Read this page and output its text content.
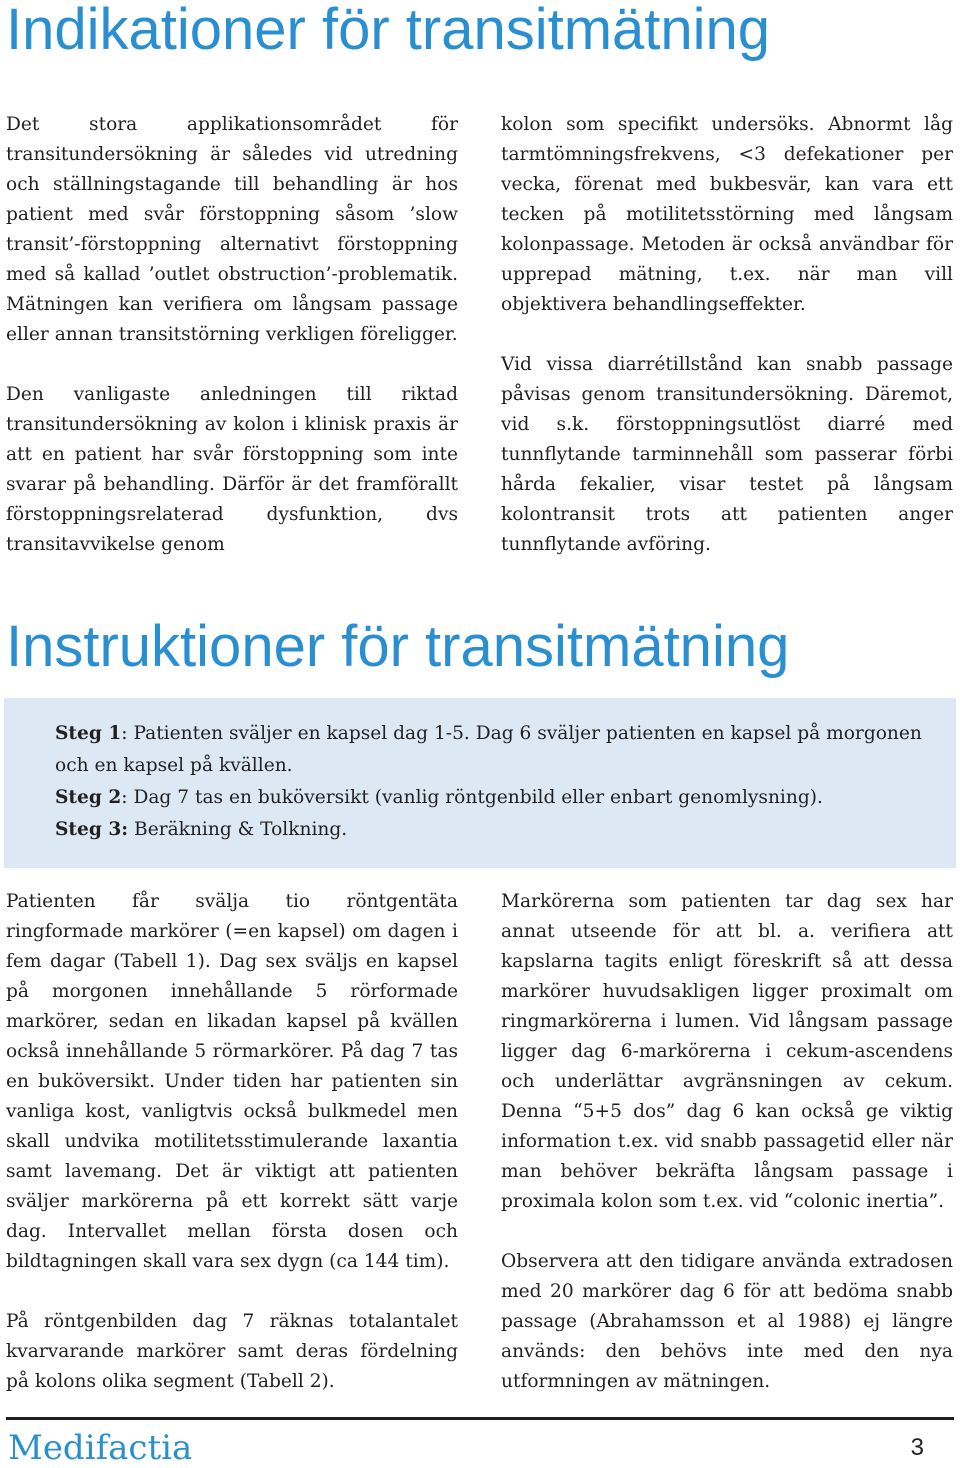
Indikationer för transitmätning

Det stora applikationsområdet för transitundersökning är således vid utredning och ställningstagande till behandling är hos patient med svår förstoppning såsom ’slow transit’-förstoppning alternativt förstoppning med så kallad ’outlet obstruction’-problematik. Mätningen kan verifiera om långsam passage eller annan transitstörning verkligen föreligger.

Den vanligaste anledningen till riktad transitundersökning av kolon i klinisk praxis är att en patient har svår förstoppning som inte svarar på behandling. Därför är det framförallt förstoppningsrelaterad dysfunktion, dvs transitavvikelse genom

kolon som specifikt undersöks. Abnormt låg tarmtömningsfrekvens, <3 defekationer per vecka, förenat med bukbesvär, kan vara ett tecken på motilitetsstörning med långsam kolonpassage. Metoden är också användbar för upprepad mätning, t.ex. när man vill objektivera behandlingseffekter.

Vid vissa diarrétillstånd kan snabb passage påvisas genom transitundersökning. Däremot, vid s.k. förstoppningsutlöst diarré med tunnflytande tarminnehåll som passerar förbi hårda fekalier, visar testet på långsam kolontransit trots att patienten anger tunnflytande avföring.

Instruktioner för transitmätning

Steg 1: Patienten sväljer en kapsel dag 1-5. Dag 6 sväljer patienten en kapsel på morgonen och en kapsel på kvällen.

Steg 2: Dag 7 tas en buköversikt (vanlig röntgenbild eller enbart genomlysning).

Steg 3: Beräkning & Tolkning.

Patienten får svälja tio röntgentäta ringformade markörer (=en kapsel) om dagen i fem dagar (Tabell 1). Dag sex sväljs en kapsel på morgonen innehållande 5 rörformade markörer, sedan en likadan kapsel på kvällen också innehållande 5 rörmarkörer. På dag 7 tas en buköversikt. Under tiden har patienten sin vanliga kost, vanligtvis också bulkmedel men skall undvika motilitetsstimulerande laxantia samt lavemang. Det är viktigt att patienten sväljer markörerna på ett korrekt sätt varje dag. Intervallet mellan första dosen och bildtagningen skall vara sex dygn (ca 144 tim).

På röntgenbilden dag 7 räknas totalantalet kvarvarande markörer samt deras fördelning på kolons olika segment (Tabell 2).

Markörerna som patienten tar dag sex har annat utseende för att bl. a. verifiera att kapslarna tagits enligt föreskrift så att dessa markörer huvudsakligen ligger proximalt om ringmarkörerna i lumen. Vid långsam passage ligger dag 6-markörerna i cekum-ascendens och underlättar avgränsningen av cekum. Denna “5+5 dos” dag 6 kan också ge viktig information t.ex. vid snabb passagetid eller när man behöver bekräfta långsam passage i proximala kolon som t.ex. vid “colonic inertia”.

Observera att den tidigare använda extradosen med 20 markörer dag 6 för att bedöma snabb passage (Abrahamsson et al 1988) ej längre används: den behövs inte med den nya utformningen av mätningen.

Medifactia	3
